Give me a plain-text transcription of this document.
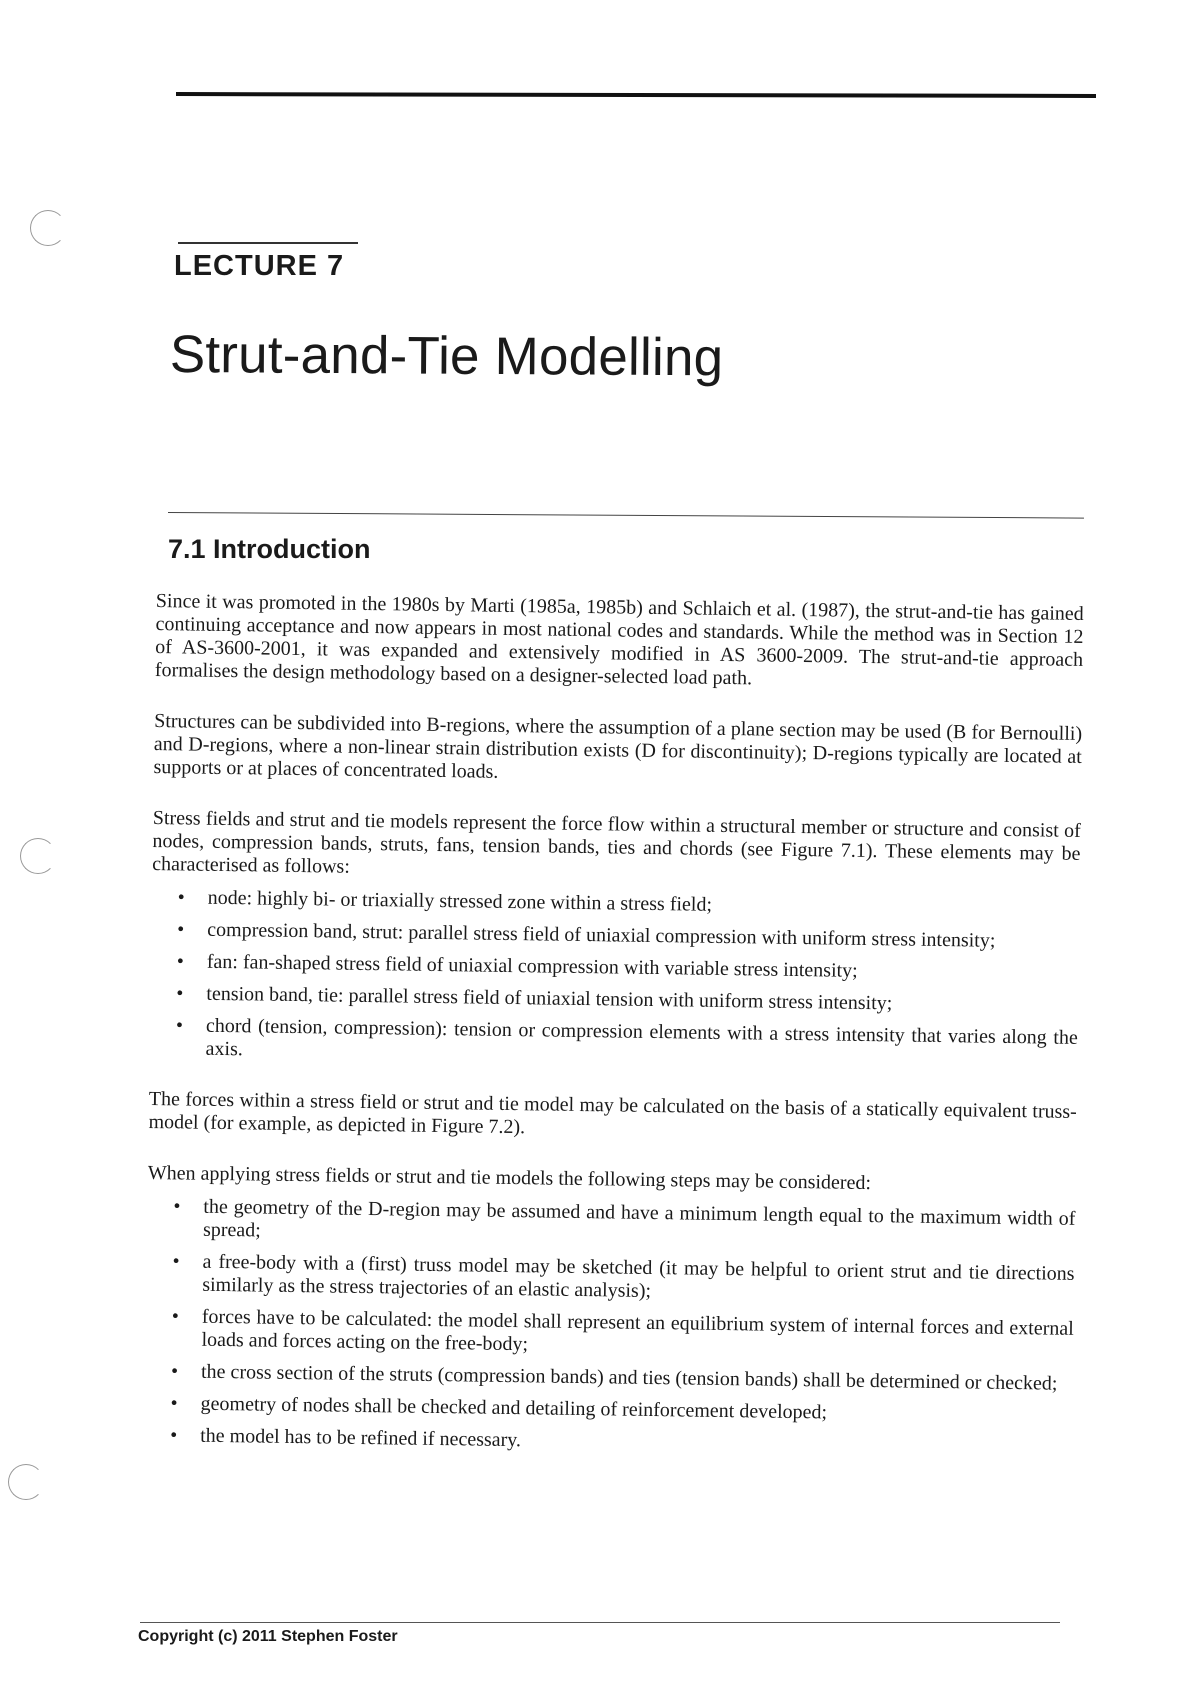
LECTURE 7
Strut-and-Tie Modelling
7.1 Introduction

Since it was promoted in the 1980s by Marti (1985a, 1985b) and Schlaich et al. (1987), the strut-and-tie has gained continuing acceptance and now appears in most national codes and standards. While the method was in Section 12 of AS-3600-2001, it was expanded and extensively modified in AS 3600-2009. The strut-and-tie approach formalises the design methodology based on a designer-selected load path.

Structures can be subdivided into B-regions, where the assumption of a plane section may be used (B for Bernoulli) and D-regions, where a non-linear strain distribution exists (D for discontinuity); D-regions typically are located at supports or at places of concentrated loads.

Stress fields and strut and tie models represent the force flow within a structural member or structure and consist of nodes, compression bands, struts, fans, tension bands, ties and chords (see Figure 7.1). These elements may be characterised as follows:

• node: highly bi- or triaxially stressed zone within a stress field;
• compression band, strut: parallel stress field of uniaxial compression with uniform stress intensity;
• fan: fan-shaped stress field of uniaxial compression with variable stress intensity;
• tension band, tie: parallel stress field of uniaxial tension with uniform stress intensity;
• chord (tension, compression): tension or compression elements with a stress intensity that varies along the axis.

The forces within a stress field or strut and tie model may be calculated on the basis of a statically equivalent truss-model (for example, as depicted in Figure 7.2).

When applying stress fields or strut and tie models the following steps may be considered:

• the geometry of the D-region may be assumed and have a minimum length equal to the maximum width of spread;
• a free-body with a (first) truss model may be sketched (it may be helpful to orient strut and tie directions similarly as the stress trajectories of an elastic analysis);
• forces have to be calculated: the model shall represent an equilibrium system of internal forces and external loads and forces acting on the free-body;
• the cross section of the struts (compression bands) and ties (tension bands) shall be determined or checked;
• geometry of nodes shall be checked and detailing of reinforcement developed;
• the model has to be refined if necessary.
Copyright (c) 2011 Stephen Foster
